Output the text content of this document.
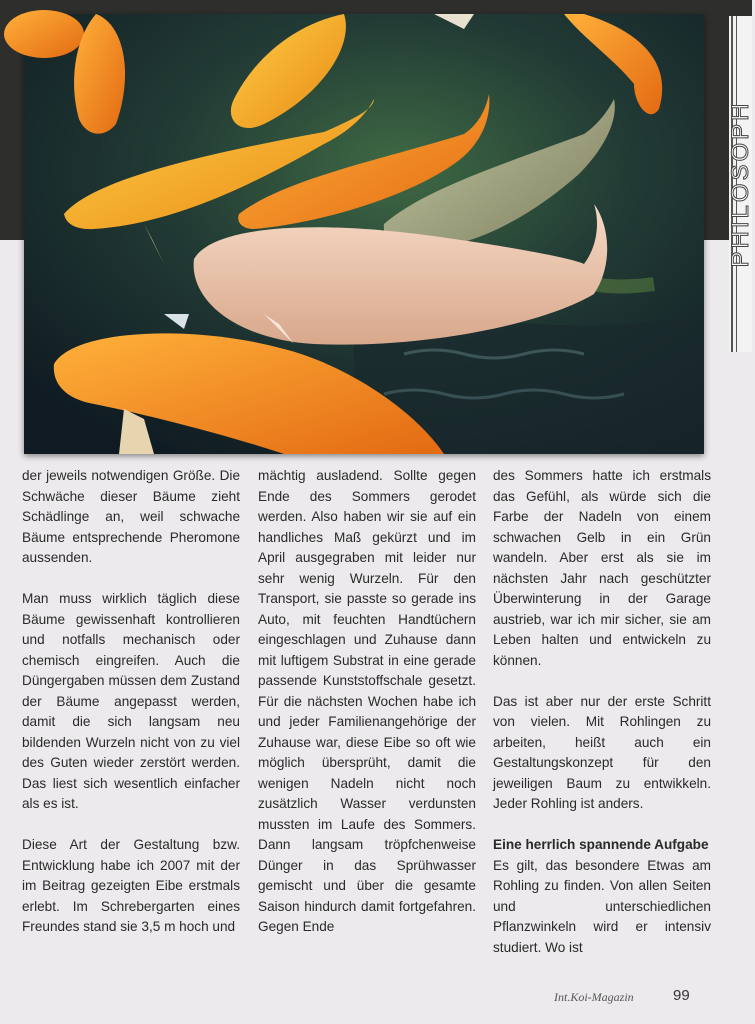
PHILOSOPH

der jeweils notwendigen Größe. Die Schwäche dieser Bäume zieht Schädlinge an, weil schwache Bäume entsprechende Pheromone aussenden.

Man muss wirklich täglich diese Bäume gewissenhaft kontrollieren und notfalls mechanisch oder chemisch eingreifen. Auch die Düngergaben müssen dem Zustand der Bäume angepasst werden, damit die sich langsam neu bildenden Wurzeln nicht von zu viel des Guten wieder zerstört werden. Das liest sich wesentlich einfacher als es ist.

Diese Art der Gestaltung bzw. Entwicklung habe ich 2007 mit der im Beitrag gezeigten Eibe erstmals erlebt. Im Schrebergarten eines Freundes stand sie 3,5 m hoch und

mächtig ausladend. Sollte gegen Ende des Sommers gerodet werden. Also haben wir sie auf ein handliches Maß gekürzt und im April ausgegraben mit leider nur sehr wenig Wurzeln. Für den Transport, sie passte so gerade ins Auto, mit feuchten Handtüchern eingeschlagen und Zuhause dann mit luftigem Substrat in eine gerade passende Kunststoffschale gesetzt. Für die nächsten Wochen habe ich und jeder Familienangehörige der Zuhause war, diese Eibe so oft wie möglich übersprüht, damit die wenigen Nadeln nicht noch zusätzlich Wasser verdunsten mussten im Laufe des Sommers. Dann langsam tröpfchenweise Dünger in das Sprühwasser gemischt und über die gesamte Saison hindurch damit fortgefahren. Gegen Ende

des Sommers hatte ich erstmals das Gefühl, als würde sich die Farbe der Nadeln von einem schwachen Gelb in ein Grün wandeln. Aber erst als sie im nächsten Jahr nach geschützter Überwinterung in der Garage austrieb, war ich mir sicher, sie am Leben halten und entwickeln zu können.

Das ist aber nur der erste Schritt von vielen. Mit Rohlingen zu arbeiten, heißt auch ein Gestaltungskonzept für den jeweiligen Baum zu entwikkeln. Jeder Rohling ist anders.

Eine herrlich spannende Aufgabe

Es gilt, das besondere Etwas am Rohling zu finden. Von allen Seiten und unterschiedlichen Pflanzwinkeln wird er intensiv studiert. Wo ist

Int.Koi-Magazin	99
